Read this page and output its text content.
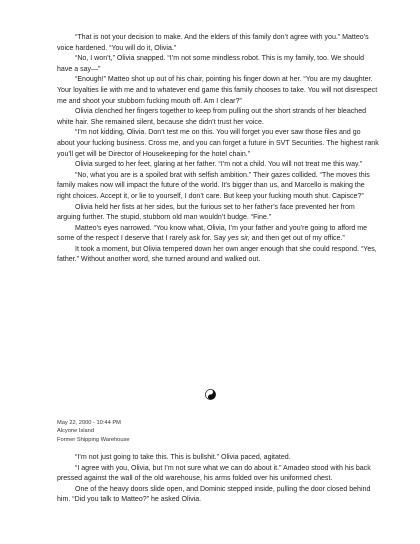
“That is not your decision to make. And the elders of this family don’t agree with you.” Matteo’s voice hardened. “You will do it, Olivia.”

“No, I won’t,” Olivia snapped. “I’m not some mindless robot. This is my family, too. We should have a say—”

“Enough!” Matteo shot up out of his chair, pointing his finger down at her. “You are my daughter. Your loyalties lie with me and to whatever end game this family chooses to take. You will not disrespect me and shoot your stubborn fucking mouth off. Am I clear?”

Olivia clenched her fingers together to keep from pulling out the short strands of her bleached white hair. She remained silent, because she didn’t trust her voice.

“I’m not kidding, Olivia. Don’t test me on this. You will forget you ever saw those files and go about your fucking business. Cross me, and you can forget a future in SVT Securities. The highest rank you’ll get will be Director of Housekeeping for the hotel chain.”

Olivia surged to her feet, glaring at her father. “I’m not a child. You will not treat me this way.”

“No, what you are is a spoiled brat with selfish ambition.” Their gazes collided. “The moves this family makes now will impact the future of the world. It’s bigger than us, and Marcello is making the right choices. Accept it, or lie to yourself, I don’t care. But keep your fucking mouth shut. Capisce?”

Olivia held her fists at her sides, but the furious set to her father’s face prevented her from arguing further. The stupid, stubborn old man wouldn’t budge. “Fine.”

Matteo’s eyes narrowed. “You know what, Olivia, I’m your father and you’re going to afford me some of the respect I deserve that I rarely ask for. Say yes sir, and then get out of my office.”

It took a moment, but Olivia tempered down her own anger enough that she could respond. “Yes, father.” Without another word, she turned around and walked out.

May 22, 2000 - 10:44 PM
Alcyone Island
Former Shipping Warehouse

“I’m not just going to take this. This is bullshit.” Olivia paced, agitated.

“I agree with you, Olivia, but I’m not sure what we can do about it.” Amadeo stood with his back pressed against the wall of the old warehouse, his arms folded over his uniformed chest.

One of the heavy doors slide open, and Dominic stepped inside, pulling the door closed behind him. “Did you talk to Matteo?” he asked Olivia.
